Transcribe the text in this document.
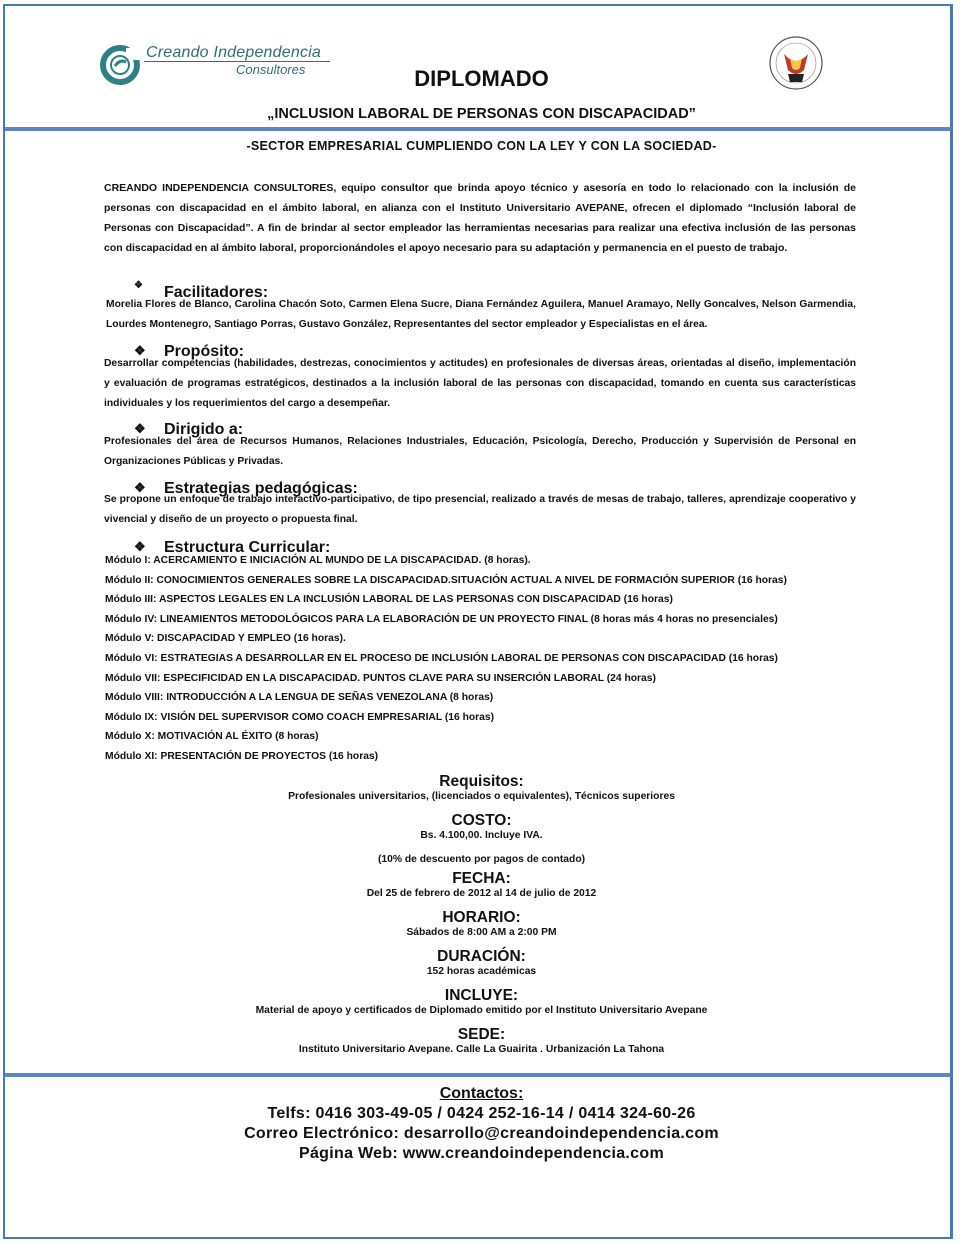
Creando Independencia
Consultores	DIPLOMADO
„INCLUSION LABORAL DE PERSONAS CON DISCAPACIDAD”
-SECTOR EMPRESARIAL CUMPLIENDO CON LA LEY Y CON LA SOCIEDAD-
CREANDO INDEPENDENCIA CONSULTORES, equipo consultor que brinda apoyo técnico y asesoría en todo lo relacionado con la inclusión de personas con discapacidad en el ámbito laboral, en alianza con el Instituto Universitario AVEPANE, ofrecen el diplomado “Inclusión laboral de Personas con Discapacidad”. A fin de brindar al sector empleador las herramientas necesarias para realizar una efectiva inclusión de las personas con discapacidad en al ámbito laboral, proporcionándoles el apoyo necesario para su adaptación y permanencia en el puesto de trabajo.
❖ Facilitadores:
Morelia Flores de Blanco, Carolina Chacón Soto, Carmen Elena Sucre, Diana Fernández Aguilera, Manuel Aramayo, Nelly Goncalves, Nelson Garmendia, Lourdes Montenegro, Santiago Porras, Gustavo González, Representantes del sector empleador y Especialistas en el área.
❖ Propósito:
Desarrollar competencias (habilidades, destrezas, conocimientos y actitudes) en profesionales de diversas áreas, orientadas al diseño, implementación y evaluación de programas estratégicos, destinados a la inclusión laboral de las personas con discapacidad, tomando en cuenta sus características individuales y los requerimientos del cargo a desempeñar.
❖ Dirigido a:
Profesionales del área de Recursos Humanos, Relaciones Industriales, Educación, Psicología, Derecho, Producción y Supervisión de Personal en Organizaciones Públicas y Privadas.
❖ Estrategias pedagógicas:
Se propone un enfoque de trabajo interactivo-participativo, de tipo presencial, realizado a través de mesas de trabajo, talleres, aprendizaje cooperativo y vivencial y diseño de un proyecto o propuesta final.
❖ Estructura Curricular:
Módulo I: ACERCAMIENTO E INICIACIÓN AL MUNDO DE LA DISCAPACIDAD. (8 horas).
Módulo II: CONOCIMIENTOS GENERALES SOBRE LA DISCAPACIDAD.SITUACIÓN ACTUAL A NIVEL DE FORMACIÓN SUPERIOR (16 horas)
Módulo III: ASPECTOS LEGALES EN LA INCLUSIÓN LABORAL DE LAS PERSONAS CON DISCAPACIDAD (16 horas)
Módulo IV: LINEAMIENTOS METODOLÓGICOS PARA LA ELABORACIÓN DE UN PROYECTO FINAL (8 horas más 4 horas no presenciales)
Módulo V: DISCAPACIDAD Y EMPLEO (16 horas).
Módulo VI: ESTRATEGIAS A DESARROLLAR EN EL PROCESO DE INCLUSIÓN LABORAL DE PERSONAS CON DISCAPACIDAD (16 horas)
Módulo VII: ESPECIFICIDAD EN LA DISCAPACIDAD. PUNTOS CLAVE PARA SU INSERCIÓN LABORAL (24 horas)
Módulo VIII: INTRODUCCIÓN A LA LENGUA DE SEÑAS VENEZOLANA (8 horas)
Módulo IX: VISIÓN DEL SUPERVISOR COMO COACH EMPRESARIAL (16 horas)
Módulo X: MOTIVACIÓN AL ÉXITO (8 horas)
Módulo XI: PRESENTACIÓN DE PROYECTOS (16 horas)
Requisitos:
Profesionales universitarios, (licenciados o equivalentes), Técnicos superiores
COSTO:
Bs. 4.100,00. Incluye IVA.
(10% de descuento por pagos de contado)
FECHA:
Del 25 de febrero de 2012 al 14 de julio de 2012
HORARIO:
Sábados de 8:00 AM a 2:00 PM
DURACIÓN:
152 horas académicas
INCLUYE:
Material de apoyo y certificados de Diplomado emitido por el Instituto Universitario Avepane
SEDE:
Instituto Universitario Avepane. Calle La Guairita . Urbanización La Tahona
Contactos:
Telfs: 0416 303-49-05 / 0424 252-16-14 / 0414 324-60-26
Correo Electrónico: desarrollo@creandoindependencia.com
Página Web: www.creandoindependencia.com
